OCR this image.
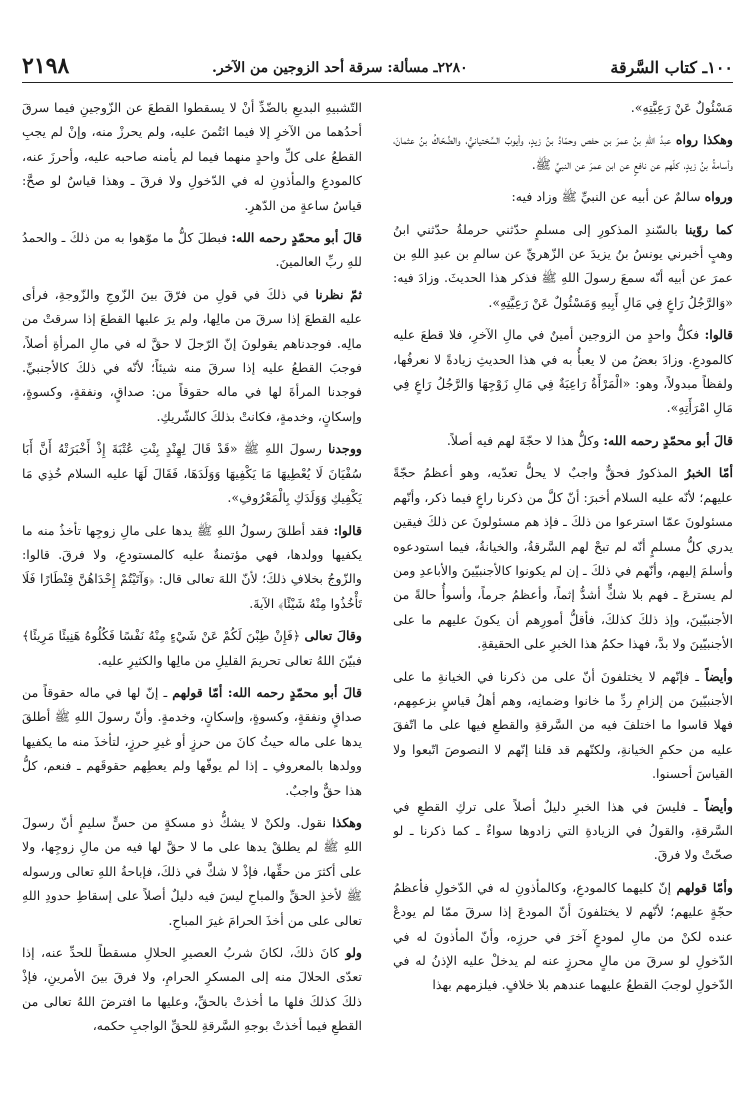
٢١٩٨	٢٢٨٠ـ مسألة: سرقة أحد الزوجين من الآخر.	١٠٠ـ كتاب السَّرقة

مَسْئُولٌ عَنْ رَعِيَّتِهِ».

وهكذا رواه عبدُ اللهِ بنُ عمرَ بن حفص وحمّادُ بنُ زيدٍ، وأيوبُ السَّختيانيُّ، والضَّحّاكُ بنُ عثمانَ، وأسامةُ بنُ زيدٍ، كلّهم عن نافعٍ عن ابن عمرَ عن النبيِّ ﷺ.

ورواه سالمٌ عن أبيه عن النبيِّ ﷺ وزاد فيه:

كما روّينا بالسّندِ المذكورِ إلى مسلمٍ حدّثني حرملةُ حدّثني ابنُ وهبٍ أخبرني يونسُ بنُ يزيدَ عن الزّهريِّ عن سالمِ بن عبدِ اللهِ بن عمرَ عن أبيه أنّه سمعَ رسولَ اللهِ ﷺ فذكر هذا الحديثَ. وزادَ فيه: «وَالرَّجُلُ رَاعٍ فِي مَالِ أَبِيهِ وَمَسْئُولٌ عَنْ رَعِيَّتِهِ».

قالوا: فكلُّ واحدٍ من الزوجين أمينٌ في مالِ الآخرِ، فلا قطعَ عليه كالمودعِ. وزادَ بعضُ من لا يعبأُ به في هذا الحديثِ زيادةً لا نعرفُها، ولفظاً مبدولاً، وهو: «الْمَرْأَةُ رَاعِيَةٌ فِي مَالِ زَوْجِهَا وَالرَّجُلُ رَاعٍ فِي مَالِ امْرَأَتِهِ».

قالَ أبو محمّدٍ رحمه الله: وكلُّ هذا لا حجّةَ لهم فيه أصلاً.

أمّا الخبرُ المذكورُ فحقٌّ واجبٌ لا يحلُّ تعدّيه، وهو أعظمُ حجّةً عليهم؛ لأنّه عليه السلام أخبرَ: أنّ كلَّ من ذكرنا راعٍ فيما ذكر، وأنّهم مسئولونَ عمّا استرعوا من ذلكَ ـ فإذ هم مسئولونَ عن ذلكَ فيقين يدري كلُّ مسلمٍ أنّه لم تبحْ لهم السَّرقةُ، والخيانةُ، فيما استودعوه وأسلمَ إليهم، وأنّهم في ذلكَ ـ إن لم يكونوا كالأجنبيّينَ والأباعدِ ومن لم يسترعَ ـ فهم بلا شكٍّ أشدُّ إثماً، وأعظمُ جرماً، وأسوأُ حالةً من الأجنبيّينَ، وإذ ذلكَ كذلكَ، فأقلُّ أمورِهم أن يكونَ عليهم ما على الأجنبيّينَ ولا بدَّ، فهذا حكمُ هذا الخبرِ على الحقيقةِ.

وأيضاً ـ فإنّهم لا يختلفونَ أنّ على من ذكرنا في الخيانةِ ما على الأجنبيّينَ من إلزامِ ردِّ ما خانوا وضمانِه، وهم أهلُ قياسٍ بزعمِهم، فهلا قاسوا ما اختلفَ فيه من السَّرقةِ والقطعِ فيها على ما اتّفقَ عليه من حكمِ الخيانةِ، ولكنّهم قد قلنا إنّهم لا النصوصَ اتّبعوا ولا القياسَ أحسنوا.

وأيضاً ـ فليسَ في هذا الخبرِ دليلٌ أصلاً على تركِ القطعِ في السَّرقةِ، والقولُ في الزيادةِ التي زادوها سواءٌ ـ كما ذكرنا ـ لو صحّتْ ولا فرقَ.

وأمّا قولهم إنّ كليهما كالمودعِ، وكالمأذونِ له في الدّخولِ فأعظمُ حجّةٍ عليهم؛ لأنّهم لا يختلفونَ أنّ المودعَ إذا سرقَ ممّا لم يودعْ عنده لكنْ من مالِ لمودعٍ آخرَ في حرزِه، وأنّ المأذونَ له في الدّخولِ لو سرقَ من مالٍ محرزٍ عنه لم يدخلْ عليه الإذنُ له في الدّخولِ لوجبَ القطعُ عليهما عندهم بلا خلافٍ. فيلزمهم بهذا

التّشبيهِ البديعِ بالضّدِّ أنْ لا يسقطوا القطعَ عن الزّوجينِ فيما سرقَ أحدُهما من الآخرِ إلا فيما ائتُمنَ عليه، ولم يحرزْ منه، وإنْ لم يجبِ القطعُ على كلِّ واحدٍ منهما فيما لم يأمنه صاحبه عليه، وأحرزَ عنه، كالمودعِ والمأذونِ له في الدّخولِ ولا فرقَ ـ وهذا قياسٌ لو صحَّ: قياسُ ساعةٍ من الدّهرِ.

قالَ أبو محمّدٍ رحمه الله: فبطلَ كلُّ ما موّهوا به من ذلكَ ـ والحمدُ للهِ ربِّ العالمينَ.

ثمّ نظرنا في ذلكَ في قولِ من فرّقَ بينَ الزّوجِ والزّوجةِ، فرأى عليه القطعَ إذا سرقَ من مالِها، ولم يرَ عليها القطعَ إذا سرقتْ من مالِه. فوجدناهم يقولونَ إنّ الرّجلَ لا حقَّ له في مالِ المرأةِ أصلاً، فوجبَ القطعُ عليه إذا سرقَ منه شيئاً؛ لأنّه في ذلكَ كالأجنبيِّ. فوجدنا المرأةَ لها في ماله حقوقاً من: صداقٍ، ونفقةٍ، وكسوةٍ، وإسكانٍ، وخدمةٍ، فكانتْ بذلكَ كالشّريكِ.

ووجدنا رسولَ اللهِ ﷺ «قَدْ قَالَ لِهِنْدٍ بِنْتِ عُتْبَةَ إِذْ أَخْبَرَتْهُ أَنَّ أَبَا سُفْيَانَ لَا يُعْطِيهَا مَا يَكْفِيهَا وَوَلَدَهَا، فَقَالَ لَهَا عليه السلام خُذِي مَا يَكْفِيكِ وَوَلَدَكِ بِالْمَعْرُوفِ».

قالوا: فقد أطلقَ رسولُ اللهِ ﷺ يدها على مالِ زوجِها تأخذُ منه ما يكفيها وولدها، فهي مؤتمنةٌ عليه كالمستودعِ، ولا فرقَ. قالوا: والزّوجُ بخلافِ ذلكَ؛ لأنّ اللهَ تعالى قال: ﴿وَآتَيْتُمْ إِحْدَاهُنَّ قِنْطَارًا فَلَا تَأْخُذُوا مِنْهُ شَيْئًا﴾ الآيةَ.

وقالَ تعالى ﴿فَإِنْ طِبْنَ لَكُمْ عَنْ شَيْءٍ مِنْهُ نَفْسًا فَكُلُوهُ هَنِيئًا مَرِيئًا﴾ فبيّنَ اللهُ تعالى تحريمَ القليلِ من مالِها والكثيرِ عليه.

قالَ أبو محمّدٍ رحمه الله: أمّا قولهم ـ إنّ لها في ماله حقوقاً من صداقٍ ونفقةٍ، وكسوةٍ، وإسكانٍ، وخدمةٍ. وأنّ رسولَ اللهِ ﷺ أطلقَ يدها على ماله حيثُ كانَ من حرزٍ أو غيرِ حرزٍ، لتأخذَ منه ما يكفيها وولدها بالمعروفِ ـ إذا لم يوفّها ولم يعطِهم حقوقَهم ـ فنعم، كلُّ هذا حقٌّ واجبٌ.

وهكذا نقول. ولكنْ لا يشكُّ ذو مسكةٍ من حسٍّ سليمٍ أنّ رسولَ اللهِ ﷺ لم يطلقْ يدها على ما لا حقَّ لها فيه من مالِ زوجِها، ولا على أكثرَ من حقِّها، فإذْ لا شكَّ في ذلكَ، فإباحةُ اللهِ تعالى ورسوله ﷺ لأخذِ الحقِّ والمباحِ ليسَ فيه دليلٌ أصلاً على إسقاطِ حدودِ اللهِ تعالى على من أخذَ الحرامَ غيرَ المباحِ.

ولو كانَ ذلكَ، لكانَ شربُ العصيرِ الحلالِ مسقطاً للحدِّ عنه، إذا تعدّى الحلالَ منه إلى المسكرِ الحرامِ، ولا فرقَ بينَ الأمرينِ، فإذْ ذلكَ كذلكَ فلها ما أخذتْ بالحقِّ، وعليها ما افترضَ اللهُ تعالى من القطعِ فيما أخذتْ بوجهِ السَّرقةِ للحقِّ الواجبِ حكمه،
